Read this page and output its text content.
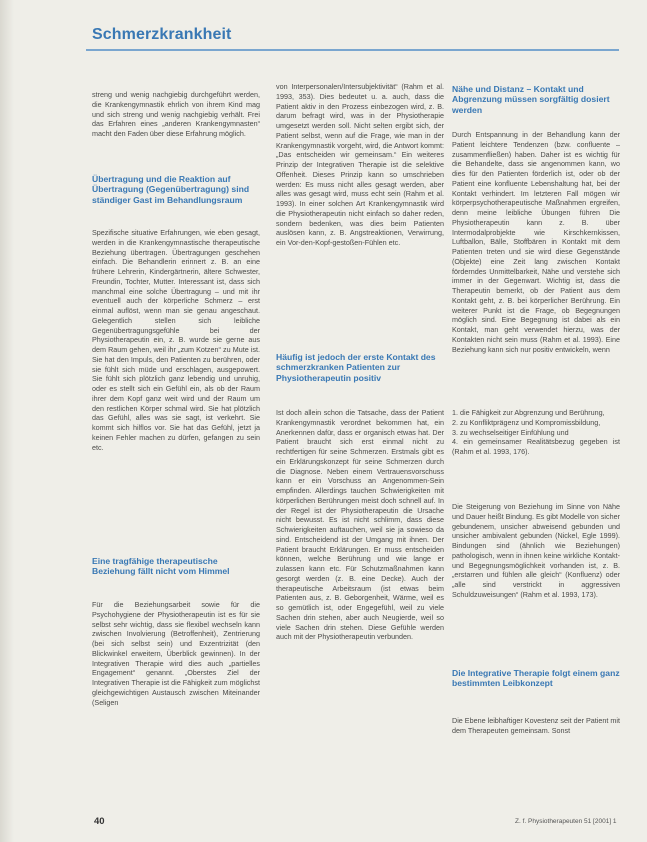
Schmerzkrankheit

streng und wenig nachgiebig durchgeführt werden, die Krankengymnastik ehrlich von ihrem Kind mag und sich streng und wenig nachgiebig verhält. Frei das Erfahren eines „anderen Krankengymnasten“ macht den Faden über diese Erfahrung möglich.

Übertragung und die Reaktion auf Übertragung (Gegenübertragung) sind ständiger Gast im Behandlungsraum

Spezifische situative Erfahrungen, wie eben gesagt, werden in die Krankengymnastische therapeutische Beziehung übertragen. Übertragungen geschehen einfach. Die Behandlerin erinnert z. B. an eine frühere Lehrerin, Kindergärtnerin, ältere Schwester, Freundin, Tochter, Mutter. Interessant ist, dass sich manchmal eine solche Übertragung – und mit ihr eventuell auch der körperliche Schmerz – erst einmal auflöst, wenn man sie genau angeschaut. Gelegentlich stellen sich leibliche Gegenübertragungsgefühle bei der Physiotherapeutin ein, z. B. wurde sie gerne aus dem Raum gehen, weil ihr „zum Kotzen“ zu Mute ist. Sie hat den Impuls, den Patienten zu berühren, oder sie fühlt sich müde und erschlagen, ausgepowert. Sie fühlt sich plötzlich ganz lebendig und unruhig, oder es stellt sich ein Gefühl ein, als ob der Raum ihrer dem Kopf ganz weit wird und der Raum um den restlichen Körper schmal wird. Sie hat plötzlich das Gefühl, alles was sie sagt, ist verkehrt. Sie kommt sich hilflos vor. Sie hat das Gefühl, jetzt ja keinen Fehler machen zu dürfen, gefangen zu sein etc.

Eine tragfähige therapeutische Beziehung fällt nicht vom Himmel

Für die Beziehungsarbeit sowie für die Psychohygiene der Physiotherapeutin ist es für sie selbst sehr wichtig, dass sie flexibel wechseln kann zwischen Involvierung (Betroffenheit), Zentrierung (bei sich selbst sein) und Exzentrizität (den Blickwinkel erweitern, Überblick gewinnen). In der Integrativen Therapie wird dies auch „partielles Engagement“ genannt. „Oberstes Ziel der Integrativen Therapie ist die Fähigkeit zum möglichst gleichgewichtigen Austausch zwischen Miteinander (Seligen

von Interpersonalen/Intersubjektivität“ (Rahm et al. 1993, 353). Dies bedeutet u. a. auch, dass die Patient aktiv in den Prozess einbezogen wird, z. B. darum befragt wird, was in der Physiotherapie umgesetzt werden soll. Nicht selten ergibt sich, der Patient selbst, wenn auf die Frage, wie man in der Krankengymnastik vorgeht, wird, die Antwort kommt: „Das entscheiden wir gemeinsam.“ Ein weiteres Prinzip der Integrativen Therapie ist die selektive Offenheit. Dieses Prinzip kann so umschrieben werden: Es muss nicht alles gesagt werden, aber alles was gesagt wird, muss echt sein (Rahm et al. 1993). In einer solchen Art Krankengymnastik wird die Physiotherapeutin nicht einfach so daher reden, sondern bedenken, was dies beim Patienten auslösen kann, z. B. Angstreaktionen, Verwirrung, ein Vor-den-Kopf-gestoßen-Fühlen etc.

Häufig ist jedoch der erste Kontakt des schmerzkranken Patienten zur Physiotherapeutin positiv

Ist doch allein schon die Tatsache, dass der Patient Krankengymnastik verordnet bekommen hat, ein Anerkennen dafür, dass er organisch etwas hat. Der Patient braucht sich erst einmal nicht zu rechtfertigen für seine Schmerzen. Erstmals gibt es ein Erklärungskonzept für seine Schmerzen durch die Diagnose. Neben einem Vertrauensvorschuss kann er ein Vorschuss an Angenommen-Sein empfinden. Allerdings tauchen Schwierigkeiten mit körperlichen Berührungen meist doch schnell auf. In der Regel ist der Physiotherapeutin die Ursache nicht bewusst. Es ist nicht schlimm, dass diese Schwierigkeiten auftauchen, weil sie ja sowieso da sind. Entscheidend ist der Umgang mit ihnen. Der Patient braucht Erklärungen. Er muss entscheiden können, welche Berührung und wie lange er zulassen kann etc. Für Schutzmaßnahmen kann gesorgt werden (z. B. eine Decke). Auch der therapeutische Arbeitsraum (ist etwas beim Patienten aus, z. B. Geborgenheit, Wärme, weil es so gemütlich ist, oder Engegefühl, weil zu viele Sachen drin stehen, aber auch Neugierde, weil so viele Sachen drin stehen. Diese Gefühle werden auch mit der Physiotherapeutin verbunden.

Nähe und Distanz – Kontakt und Abgrenzung müssen sorgfältig dosiert werden

Durch Entspannung in der Behandlung kann der Patient leichtere Tendenzen (bzw. confluente – zusammenfließen) haben. Daher ist es wichtig für die Behandelte, dass sie angenommen kann, wo dies für den Patienten förderlich ist, oder ob der Patient eine konfluente Lebenshaltung hat, bei der Kontakt verhindert. Im letzteren Fall mögen wir körperpsychotherapeutische Maßnahmen ergreifen, denn meine leibliche Übungen führen Die Physiotherapeutin kann z. B. über Intermodalprobjekte wie Kirschkernkissen, Luftballon, Bälle, Stoffbären in Kontakt mit dem Patienten treten und sie wird diese Gegenstände (Objekte) eine Zeit lang zwischen Kontakt förderndes Unmittelbarkeit, Nähe und verstehe sich immer in der Gegenwart. Wichtig ist, dass die Therapeutin bemerkt, ob der Patient aus dem Kontakt geht, z. B. bei körperlicher Berührung. Ein weiterer Punkt ist die Frage, ob Begegnungen möglich sind. Eine Begegnung ist dabei als ein Kontakt, man geht verwendet hierzu, was der Kontakten nicht sein muss (Rahm et al. 1993). Eine Beziehung kann sich nur positiv entwickeln, wenn

1. die Fähigkeit zur Abgrenzung und Berührung,

2. zu Konfliktprägenz und Kompromissbildung,

3. zu wechselseitiger Einfühlung und

4. ein gemeinsamer Realitätsbezug gegeben ist (Rahm et al. 1993, 176).

Die Steigerung von Beziehung im Sinne von Nähe und Dauer heißt Bindung. Es gibt Modelle von sicher gebundenem, unsicher abweisend gebunden und unsicher ambivalent gebunden (Nickel, Egle 1999). Bindungen sind (ähnlich wie Beziehungen) pathologisch, wenn in ihnen keine wirkliche Kontakt- und Begegnungsmöglichkeit vorhanden ist, z. B. „erstarren und fühlen alle gleich“ (Konfluenz) oder „alle sind verstrickt in aggressiven Schuldzuweisungen“ (Rahm et al. 1993, 173).

Die Integrative Therapie folgt einem ganz bestimmten Leibkonzept

Die Ebene leibhaftiger Kovestenz seit der Patient mit dem Therapeuten gemeinsam. Sonst

40	Z. f. Physiotherapeuten 51 [2001] 1
